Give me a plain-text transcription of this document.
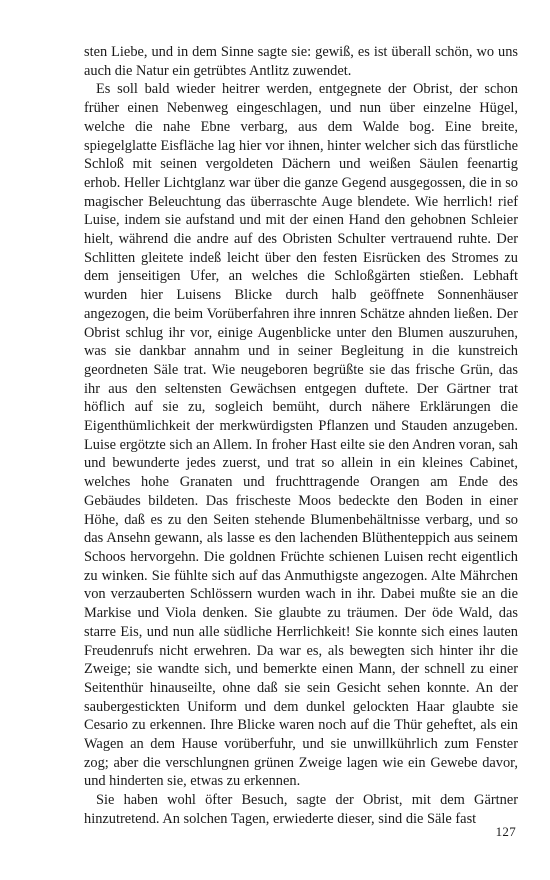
sten Liebe, und in dem Sinne sagte sie: gewiß, es ist überall schön, wo uns auch die Natur ein getrübtes Antlitz zuwendet.

Es soll bald wieder heitrer werden, entgegnete der Obrist, der schon früher einen Nebenweg eingeschlagen, und nun über einzelne Hügel, welche die nahe Ebne verbarg, aus dem Walde bog. Eine breite, spiegelglatte Eisfläche lag hier vor ihnen, hinter welcher sich das fürstliche Schloß mit seinen vergoldeten Dächern und weißen Säulen feenartig erhob. Heller Lichtglanz war über die ganze Gegend ausgegossen, die in so magischer Beleuchtung das überraschte Auge blendete. Wie herrlich! rief Luise, indem sie aufstand und mit der einen Hand den gehobnen Schleier hielt, während die andre auf des Obristen Schulter vertrauend ruhte. Der Schlitten gleitete indeß leicht über den festen Eisrücken des Stromes zu dem jenseitigen Ufer, an welches die Schloßgärten stießen. Lebhaft wurden hier Luisens Blicke durch halb geöffnete Sonnenhäuser angezogen, die beim Vorüberfahren ihre innren Schätze ahnden ließen. Der Obrist schlug ihr vor, einige Augenblicke unter den Blumen auszuruhen, was sie dankbar annahm und in seiner Begleitung in die kunstreich geordneten Säle trat. Wie neugeboren begrüßte sie das frische Grün, das ihr aus den seltensten Gewächsen entgegen duftete. Der Gärtner trat höflich auf sie zu, sogleich bemüht, durch nähere Erklärungen die Eigenthümlichkeit der merkwürdigsten Pflanzen und Stauden anzugeben. Luise ergötzte sich an Allem. In froher Hast eilte sie den Andren voran, sah und bewunderte jedes zuerst, und trat so allein in ein kleines Cabinet, welches hohe Granaten und fruchttragende Orangen am Ende des Gebäudes bildeten. Das frischeste Moos bedeckte den Boden in einer Höhe, daß es zu den Seiten stehende Blumenbehältnisse verbarg, und so das Ansehn gewann, als lasse es den lachenden Blüthenteppich aus seinem Schoos hervorgehn. Die goldnen Früchte schienen Luisen recht eigentlich zu winken. Sie fühlte sich auf das Anmuthigste angezogen. Alte Mährchen von verzauberten Schlössern wurden wach in ihr. Dabei mußte sie an die Markise und Viola denken. Sie glaubte zu träumen. Der öde Wald, das starre Eis, und nun alle südliche Herrlichkeit! Sie konnte sich eines lauten Freudenrufs nicht erwehren. Da war es, als bewegten sich hinter ihr die Zweige; sie wandte sich, und bemerkte einen Mann, der schnell zu einer Seitenthür hinauseilte, ohne daß sie sein Gesicht sehen konnte. An der saubergestickten Uniform und dem dunkel gelockten Haar glaubte sie Cesario zu erkennen. Ihre Blicke waren noch auf die Thür geheftet, als ein Wagen an dem Hause vorüberfuhr, und sie unwillkührlich zum Fenster zog; aber die verschlungnen grünen Zweige lagen wie ein Gewebe davor, und hinderten sie, etwas zu erkennen.

Sie haben wohl öfter Besuch, sagte der Obrist, mit dem Gärtner hinzutretend. An solchen Tagen, erwiederte dieser, sind die Säle fast

127
